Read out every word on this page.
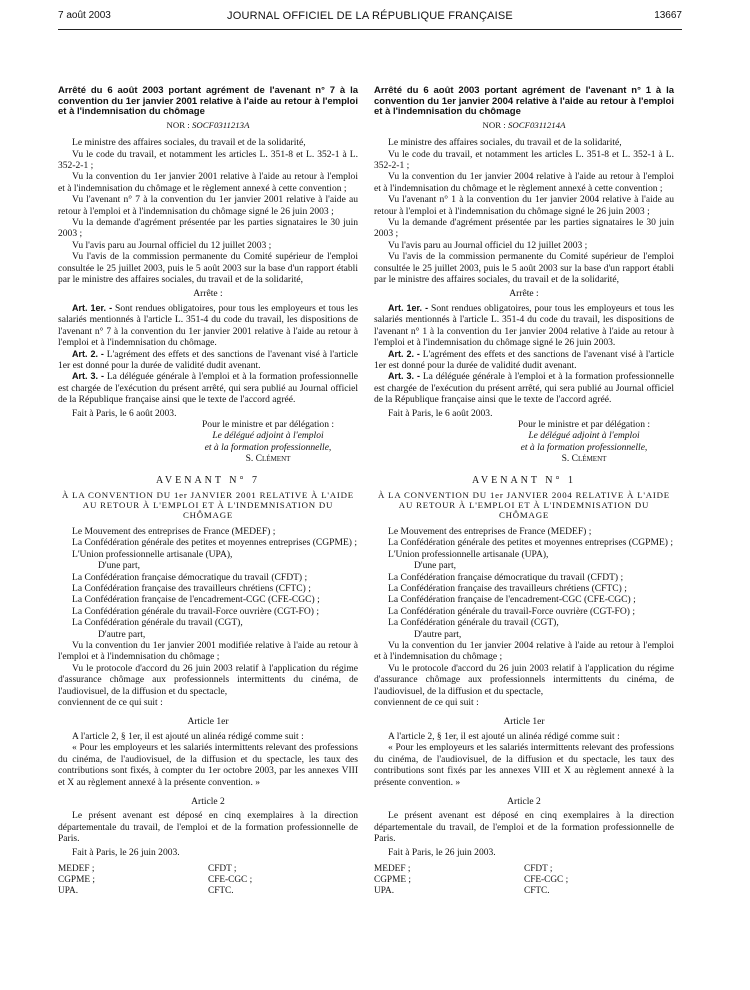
7 août 2003	JOURNAL OFFICIEL DE LA RÉPUBLIQUE FRANÇAISE	13667
Arrêté du 6 août 2003 portant agrément de l'avenant n° 7 à la convention du 1er janvier 2001 relative à l'aide au retour à l'emploi et à l'indemnisation du chômage
NOR : SOCF0311213A

Le ministre des affaires sociales, du travail et de la solidarité,

Vu le code du travail, et notamment les articles L. 351-8 et L. 352-1 à L. 352-2-1 ;

Vu la convention du 1er janvier 2001 relative à l'aide au retour à l'emploi et à l'indemnisation du chômage et le règlement annexé à cette convention ;

Vu l'avenant n° 7 à la convention du 1er janvier 2001 relative à l'aide au retour à l'emploi et à l'indemnisation du chômage signé le 26 juin 2003 ;

Vu la demande d'agrément présentée par les parties signataires le 30 juin 2003 ;

Vu l'avis paru au Journal officiel du 12 juillet 2003 ;

Vu l'avis de la commission permanente du Comité supérieur de l'emploi consultée le 25 juillet 2003, puis le 5 août 2003 sur la base d'un rapport établi par le ministre des affaires sociales, du travail et de la solidarité,

Arrête :

Art. 1er. - Sont rendues obligatoires, pour tous les employeurs et tous les salariés mentionnés à l'article L. 351-4 du code du travail, les dispositions de l'avenant n° 7 à la convention du 1er janvier 2001 relative à l'aide au retour à l'emploi et à l'indemnisation du chômage.

Art. 2. - L'agrément des effets et des sanctions de l'avenant visé à l'article 1er est donné pour la durée de validité dudit avenant.

Art. 3. - La déléguée générale à l'emploi et à la formation professionnelle est chargée de l'exécution du présent arrêté, qui sera publié au Journal officiel de la République française ainsi que le texte de l'accord agréé.

Fait à Paris, le 6 août 2003.

Pour le ministre et par délégation :
Le délégué adjoint à l'emploi
et à la formation professionnelle,
S. Clément
AVENANT N° 7
À LA CONVENTION DU 1er JANVIER 2001 RELATIVE À L'AIDE AU RETOUR À L'EMPLOI ET À L'INDEMNISATION DU CHÔMAGE

Le Mouvement des entreprises de France (MEDEF) ;

La Confédération générale des petites et moyennes entreprises (CGPME) ;

L'Union professionnelle artisanale (UPA),

D'une part,

La Confédération française démocratique du travail (CFDT) ;

La Confédération française des travailleurs chrétiens (CFTC) ;

La Confédération française de l'encadrement-CGC (CFE-CGC) ;

La Confédération générale du travail-Force ouvrière (CGT-FO) ;

La Confédération générale du travail (CGT),

D'autre part,

Vu la convention du 1er janvier 2001 modifiée relative à l'aide au retour à l'emploi et à l'indemnisation du chômage ;

Vu le protocole d'accord du 26 juin 2003 relatif à l'application du régime d'assurance chômage aux professionnels intermittents du cinéma, de l'audiovisuel, de la diffusion et du spectacle,

conviennent de ce qui suit :

Article 1er

A l'article 2, § 1er, il est ajouté un alinéa rédigé comme suit :

« Pour les employeurs et les salariés intermittents relevant des professions du cinéma, de l'audiovisuel, de la diffusion et du spectacle, les taux des contributions sont fixés, à compter du 1er octobre 2003, par les annexes VIII et X au règlement annexé à la présente convention. »

Article 2

Le présent avenant est déposé en cinq exemplaires à la direction départementale du travail, de l'emploi et de la formation professionnelle de Paris.

Fait à Paris, le 26 juin 2003.

MEDEF ;	CFDT ;
CGPME ;	CFE-CGC ;
UPA.	CFTC.
Arrêté du 6 août 2003 portant agrément de l'avenant n° 1 à la convention du 1er janvier 2004 relative à l'aide au retour à l'emploi et à l'indemnisation du chômage
NOR : SOCF0311214A

Le ministre des affaires sociales, du travail et de la solidarité,

Vu le code du travail, et notamment les articles L. 351-8 et L. 352-1 à L. 352-2-1 ;

Vu la convention du 1er janvier 2004 relative à l'aide au retour à l'emploi et à l'indemnisation du chômage et le règlement annexé à cette convention ;

Vu l'avenant n° 1 à la convention du 1er janvier 2004 relative à l'aide au retour à l'emploi et à l'indemnisation du chômage signé le 26 juin 2003 ;

Vu la demande d'agrément présentée par les parties signataires le 30 juin 2003 ;

Vu l'avis paru au Journal officiel du 12 juillet 2003 ;

Vu l'avis de la commission permanente du Comité supérieur de l'emploi consultée le 25 juillet 2003, puis le 5 août 2003 sur la base d'un rapport établi par le ministre des affaires sociales, du travail et de la solidarité,

Arrête :

Art. 1er. - Sont rendues obligatoires, pour tous les employeurs et tous les salariés mentionnés à l'article L. 351-4 du code du travail, les dispositions de l'avenant n° 1 à la convention du 1er janvier 2004 relative à l'aide au retour à l'emploi et à l'indemnisation du chômage signé le 26 juin 2003.

Art. 2. - L'agrément des effets et des sanctions de l'avenant visé à l'article 1er est donné pour la durée de validité dudit avenant.

Art. 3. - La déléguée générale à l'emploi et à la formation professionnelle est chargée de l'exécution du présent arrêté, qui sera publié au Journal officiel de la République française ainsi que le texte de l'accord agréé.

Fait à Paris, le 6 août 2003.

Pour le ministre et par délégation :
Le délégué adjoint à l'emploi
et à la formation professionnelle,
S. Clément
AVENANT N° 1
À LA CONVENTION DU 1er JANVIER 2004 RELATIVE À L'AIDE AU RETOUR À L'EMPLOI ET À L'INDEMNISATION DU CHÔMAGE

Le Mouvement des entreprises de France (MEDEF) ;

La Confédération générale des petites et moyennes entreprises (CGPME) ;

L'Union professionnelle artisanale (UPA),

D'une part,

La Confédération française démocratique du travail (CFDT) ;

La Confédération française des travailleurs chrétiens (CFTC) ;

La Confédération française de l'encadrement-CGC (CFE-CGC) ;

La Confédération générale du travail-Force ouvrière (CGT-FO) ;

La Confédération générale du travail (CGT),

D'autre part,

Vu la convention du 1er janvier 2004 relative à l'aide au retour à l'emploi et à l'indemnisation du chômage ;

Vu le protocole d'accord du 26 juin 2003 relatif à l'application du régime d'assurance chômage aux professionnels intermittents du cinéma, de l'audiovisuel, de la diffusion et du spectacle,

conviennent de ce qui suit :

Article 1er

A l'article 2, § 1er, il est ajouté un alinéa rédigé comme suit :

« Pour les employeurs et les salariés intermittents relevant des professions du cinéma, de l'audiovisuel, de la diffusion et du spectacle, les taux des contributions sont fixés par les annexes VIII et X au règlement annexé à la présente convention. »

Article 2

Le présent avenant est déposé en cinq exemplaires à la direction départementale du travail, de l'emploi et de la formation professionnelle de Paris.

Fait à Paris, le 26 juin 2003.

MEDEF ;	CFDT ;
CGPME ;	CFE-CGC ;
UPA.	CFTC.
